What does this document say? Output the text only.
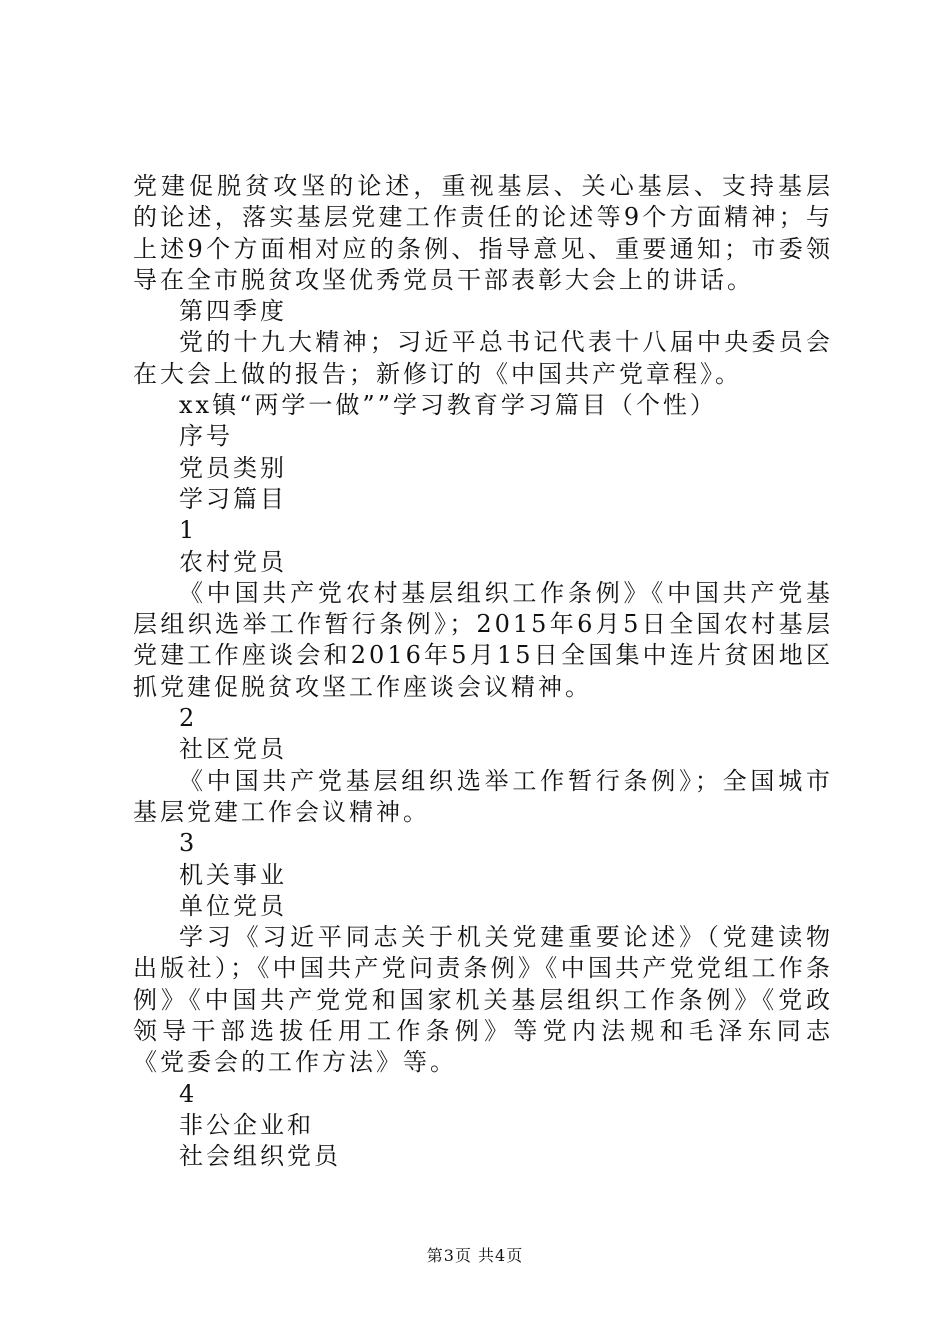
党建促脱贫攻坚的论述，重视基层、关心基层、支持基层的论述，落实基层党建工作责任的论述等9个方面精神；与上述9个方面相对应的条例、指导意见、重要通知；市委领导在全市脱贫攻坚优秀党员干部表彰大会上的讲话。

第四季度

党的十九大精神；习近平总书记代表十八届中央委员会在大会上做的报告；新修订的《中国共产党章程》。

xx镇“两学一做””学习教育学习篇目（个性）

序号

党员类别

学习篇目

1

农村党员

《中国共产党农村基层组织工作条例》《中国共产党基层组织选举工作暂行条例》；2015年6月5日全国农村基层党建工作座谈会和2016年5月15日全国集中连片贫困地区抓党建促脱贫攻坚工作座谈会议精神。

2

社区党员

《中国共产党基层组织选举工作暂行条例》；全国城市基层党建工作会议精神。

3

机关事业

单位党员

学习《习近平同志关于机关党建重要论述》（党建读物出版社）；《中国共产党问责条例》《中国共产党党组工作条例》《中国共产党党和国家机关基层组织工作条例》《党政领导干部选拔任用工作条例》等党内法规和毛泽东同志《党委会的工作方法》等。

4

非公企业和

社会组织党员

第3页 共4页
